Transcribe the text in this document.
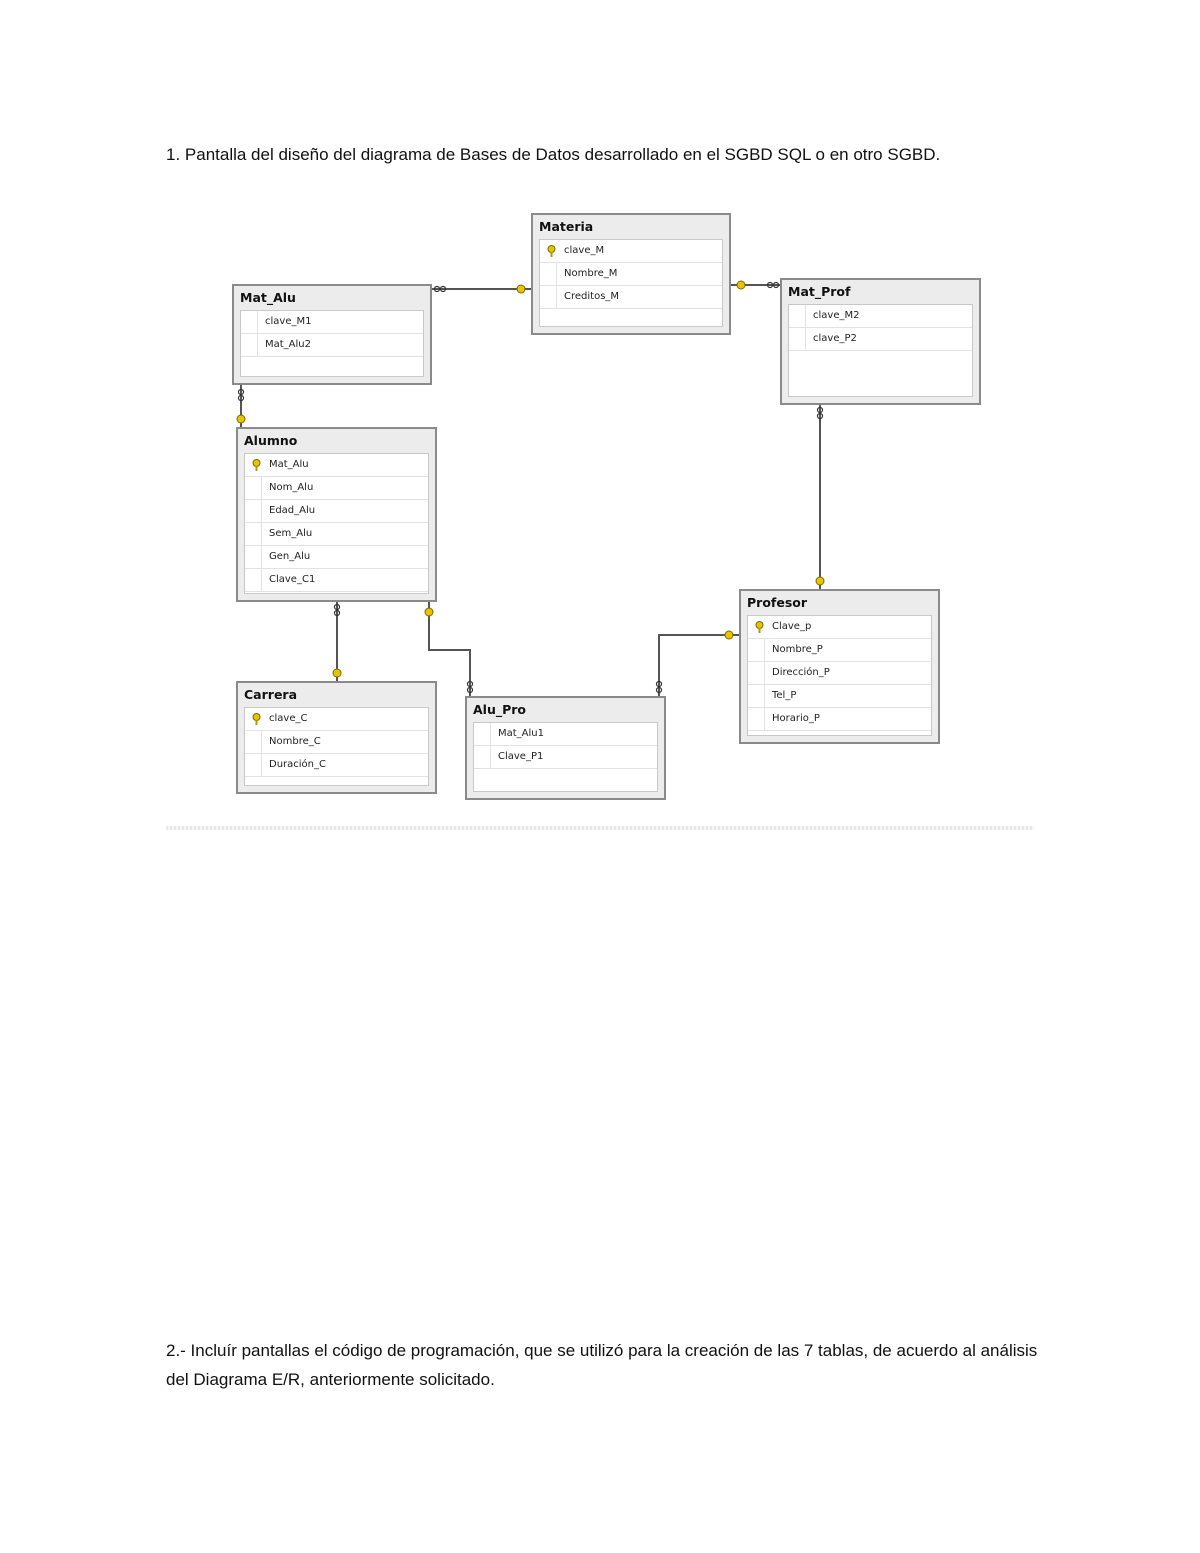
1. Pantalla del diseño del diagrama de Bases de Datos desarrollado en el SGBD SQL o en otro SGBD.

Materia
clave_M
Nombre_M
Creditos_M
Mat_Alu
clave_M1
Mat_Alu2
Mat_Prof
clave_M2
clave_P2
Alumno
Mat_Alu
Nom_Alu
Edad_Alu
Sem_Alu
Gen_Alu
Clave_C1
Profesor
Clave_p
Nombre_P
Dirección_P
Tel_P
Horario_P
Carrera
clave_C
Nombre_C
Duración_C
Alu_Pro
Mat_Alu1
Clave_P1

2.- Incluír pantallas el código de programación, que se utilizó para la creación de las 7 tablas, de acuerdo al análisis del Diagrama E/R, anteriormente solicitado.
